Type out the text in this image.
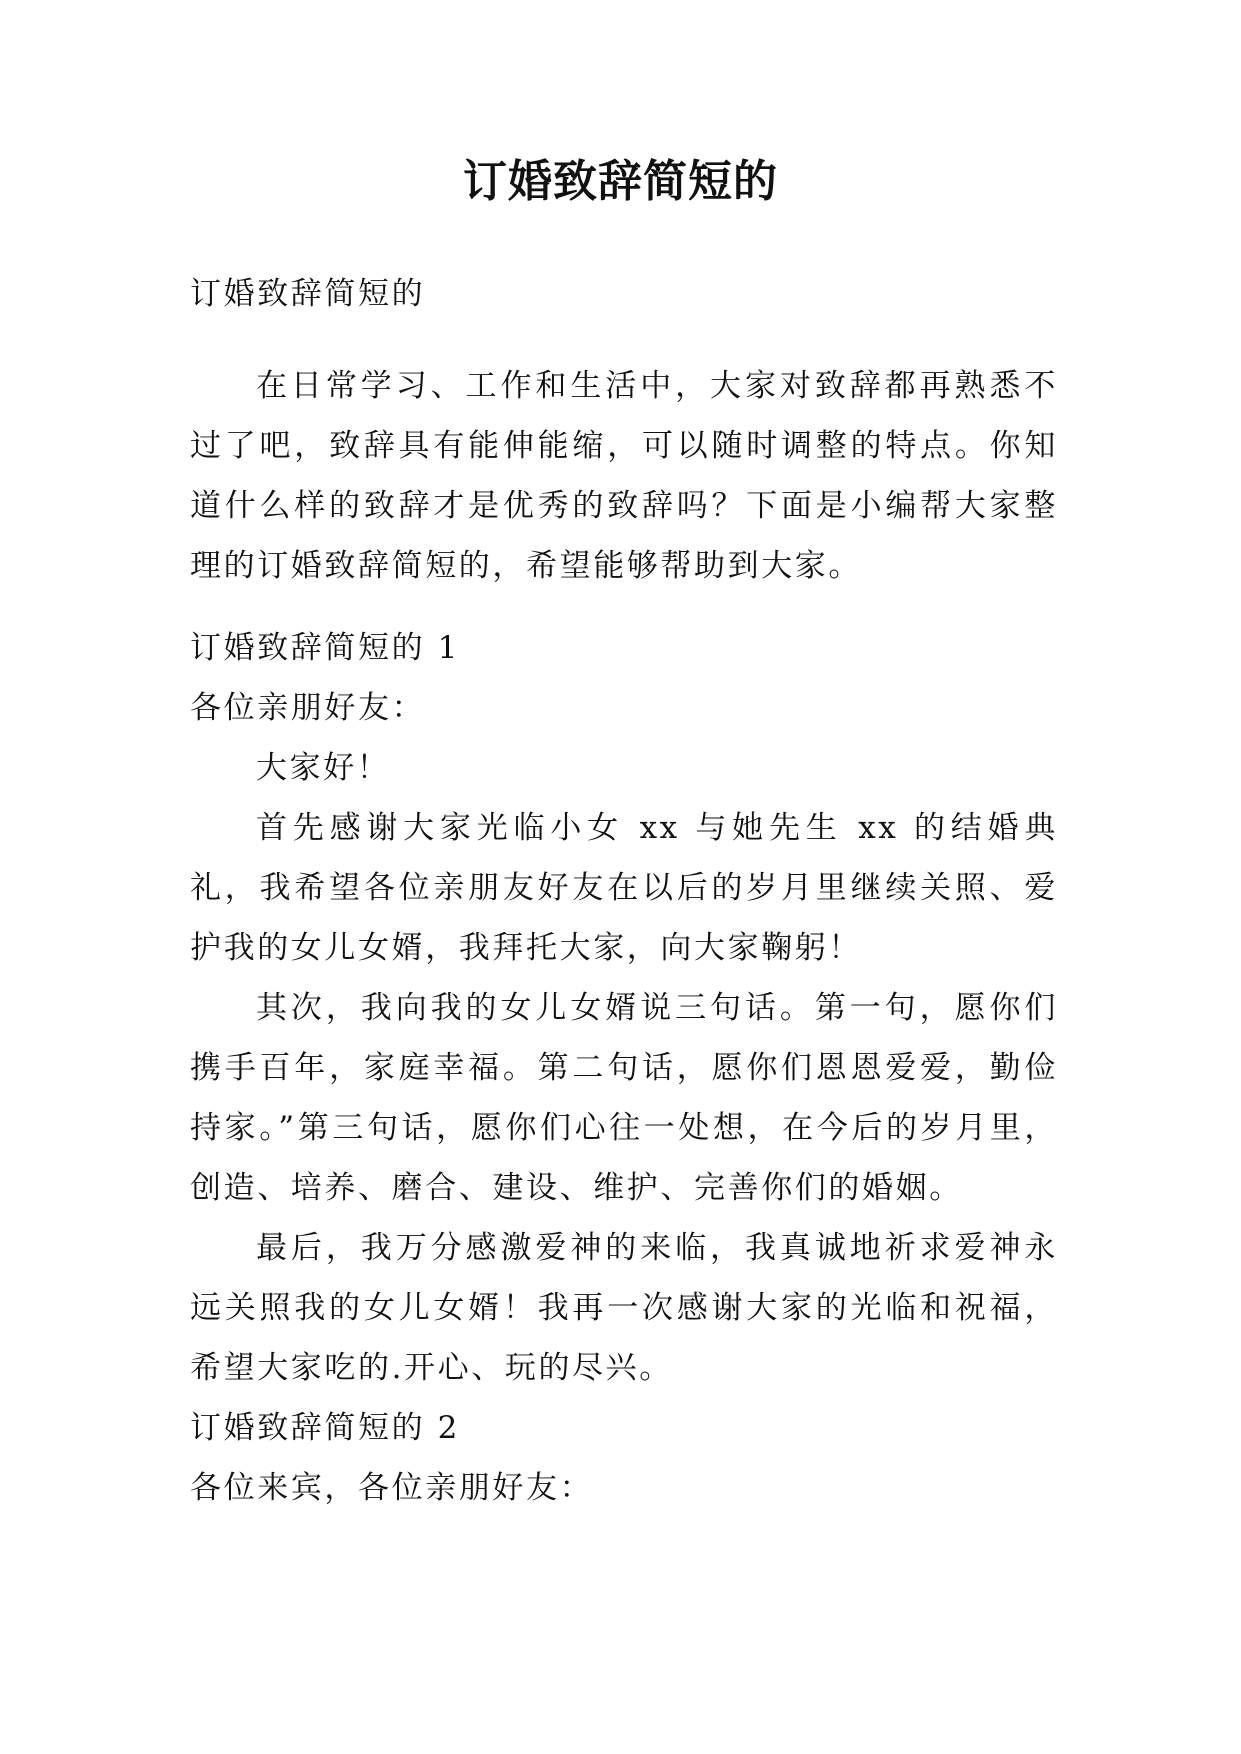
订婚致辞简短的

订婚致辞简短的

在日常学习、工作和生活中，大家对致辞都再熟悉不过了吧，致辞具有能伸能缩，可以随时调整的特点。你知道什么样的致辞才是优秀的致辞吗？下面是小编帮大家整理的订婚致辞简短的，希望能够帮助到大家。

订婚致辞简短的 1

各位亲朋好友：

大家好！

首先感谢大家光临小女 xx 与她先生 xx 的结婚典礼，我希望各位亲朋友好友在以后的岁月里继续关照、爱护我的女儿女婿，我拜托大家，向大家鞠躬！

其次，我向我的女儿女婿说三句话。第一句，愿你们携手百年，家庭幸福。第二句话，愿你们恩恩爱爱，勤俭持家。”第三句话，愿你们心往一处想，在今后的岁月里，创造、培养、磨合、建设、维护、完善你们的婚姻。

最后，我万分感激爱神的来临，我真诚地祈求爱神永远关照我的女儿女婿！我再一次感谢大家的光临和祝福，希望大家吃的.开心、玩的尽兴。

订婚致辞简短的 2

各位来宾，各位亲朋好友：
